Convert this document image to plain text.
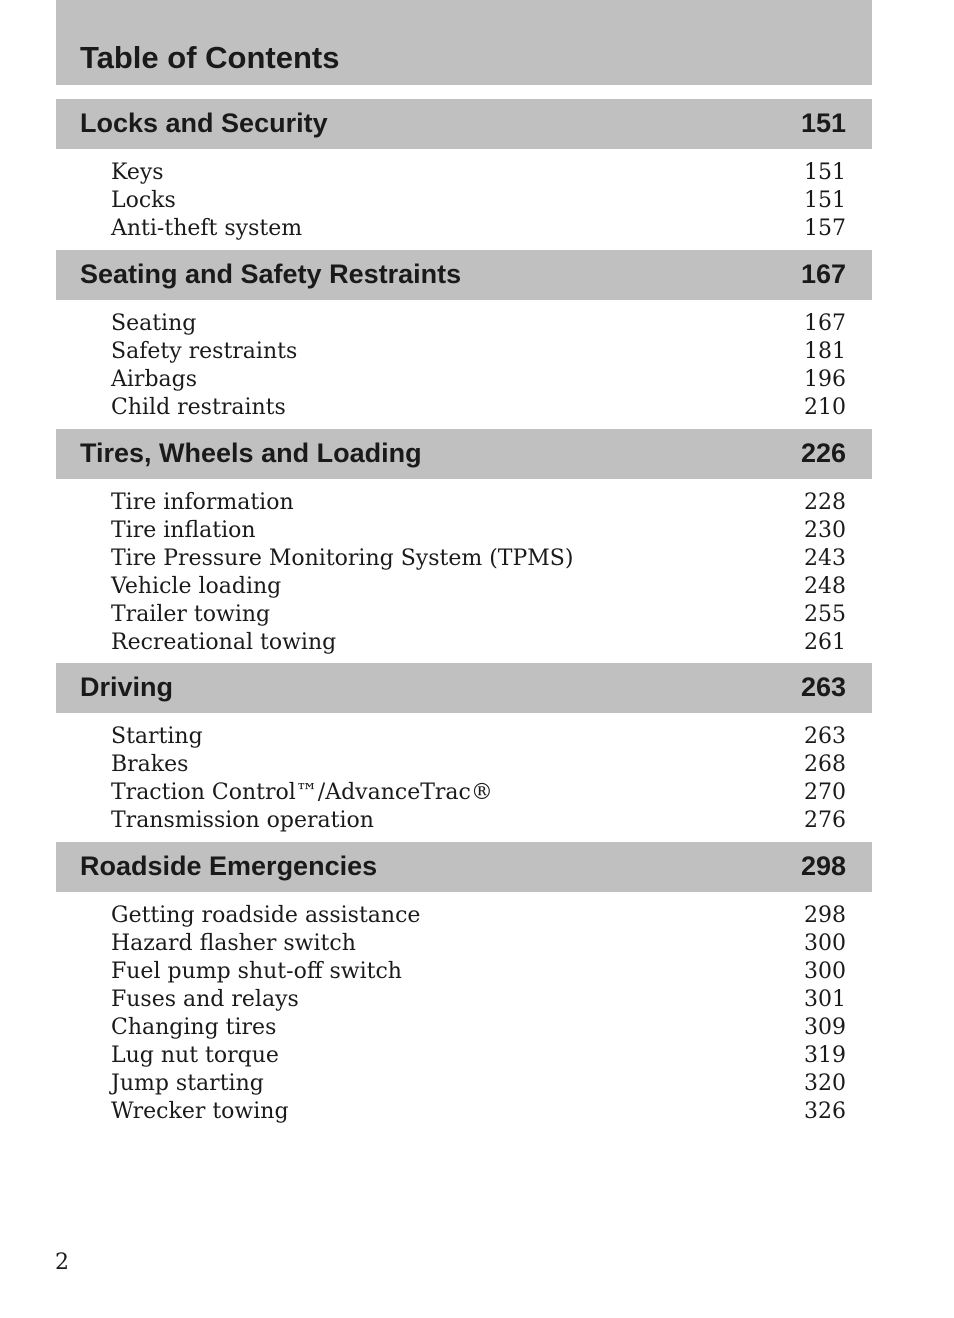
Table of Contents
Locks and Security	151
Keys	151
Locks	151
Anti-theft system	157
Seating and Safety Restraints	167
Seating	167
Safety restraints	181
Airbags	196
Child restraints	210
Tires, Wheels and Loading	226
Tire information	228
Tire inflation	230
Tire Pressure Monitoring System (TPMS)	243
Vehicle loading	248
Trailer towing	255
Recreational towing	261
Driving	263
Starting	263
Brakes	268
Traction Control™/AdvanceTrac®	270
Transmission operation	276
Roadside Emergencies	298
Getting roadside assistance	298
Hazard flasher switch	300
Fuel pump shut-off switch	300
Fuses and relays	301
Changing tires	309
Lug nut torque	319
Jump starting	320
Wrecker towing	326
2
